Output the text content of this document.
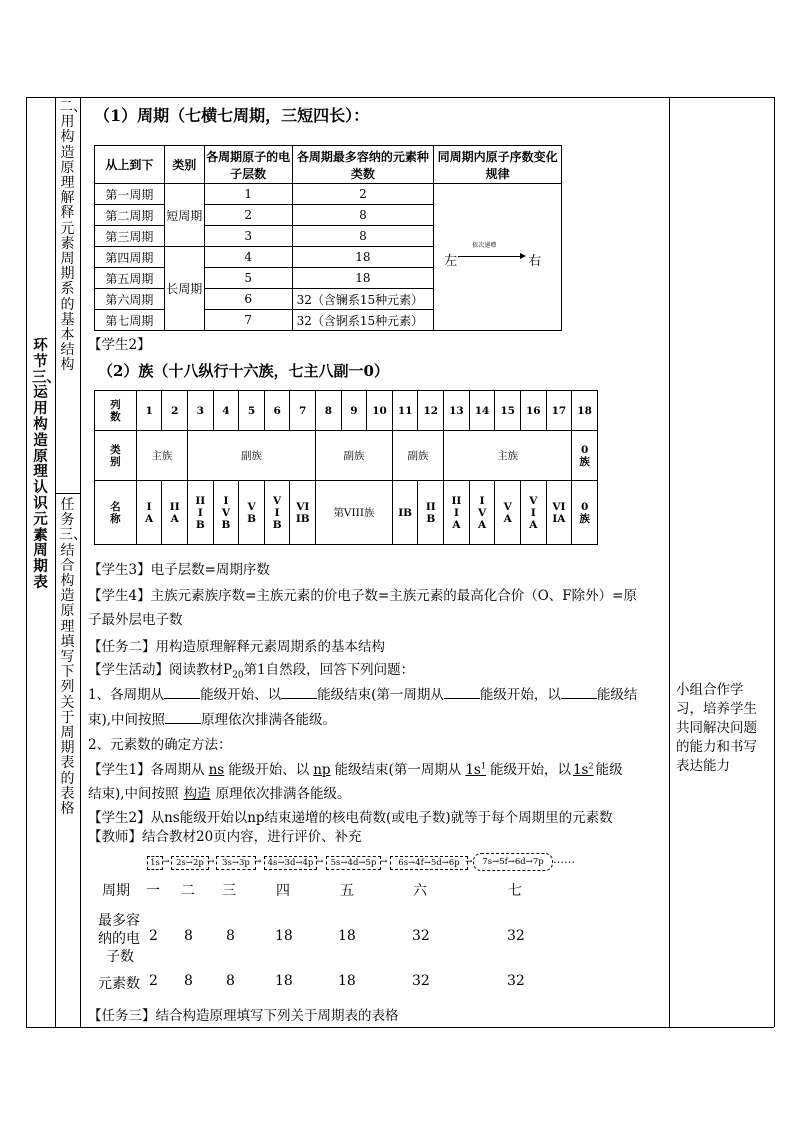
环节三、运用构造原理认识元素周期表
二、用构造原理解释元素周期系的基本结构
任务三、结合构造原理填写下列关于周期表的表格
小组合作学习，培养学生共同解决问题的能力和书写表达能力
（1）周期（七横七周期，三短四长）：
从上到下	类别	各周期原子的电子层数	各周期最多容纳的元素种类数	同周期内原子序数变化规律
第一周期	短周期	1	2	左
依次递增
右

第二周期		2	8	
第三周期		3	8	
第四周期	长周期	4	18	
第五周期		5	18	
第六周期		6	32（含镧系15种元素）	
第七周期		7	32（含锕系15种元素）	
【学生2】
（2）族（十八纵行十六族，七主八副一0）
列数	1	2	3	4	5	6	7	8	9	10	11	12	13	14	15	16	17	18
类别	主族		副族					副族			副族		主族					0族
名称	IA	IIA	IIIB	IVB	VB	VIB	VIIB	第VIII族			IB	IIB	IIIA	IVA	VA	VIA	VIIA	0族
【学生3】电子层数=周期序数
【学生4】主族元素族序数=主族元素的价电子数=主族元素的最高化合价（O、F除外）=原
子最外层电子数
【任务二】用构造原理解释元素周期系的基本结构
【学生活动】阅读教材$P_{20}$第1自然段，回答下列问题：
1、各周期从	能级开始、以	能级结束(第一周期从	能级开始，以	能级结
束),中间按照	原理依次排满各能级。
2、元素数的确定方法：
【学生1】各周期从 ns 能级开始、以 np 能级结束(第一周期从 $1s^1$ 能级开始，以 $1s^2$ 能级
结束),中间按照 构造 原理依次排满各能级。
【学生2】从ns能级开始以np结束递增的核电荷数(或电子数)就等于每个周期里的元素数
【教师】结合教材20页内容，进行评价、补充
1s	2s→2p	3s→3p	4s→3d→4p	5s→4d→5p	6s→4f→5d→6p	7s→5f→6d→7p ……
→	→	→	→	→	→
周期 一 二 三	四	五	六	七
最多容
纳的电
子数
2 8 8	18	18	32	32
元素数 2 8 8	18	18	32	32
【任务三】结合构造原理填写下列关于周期表的表格
